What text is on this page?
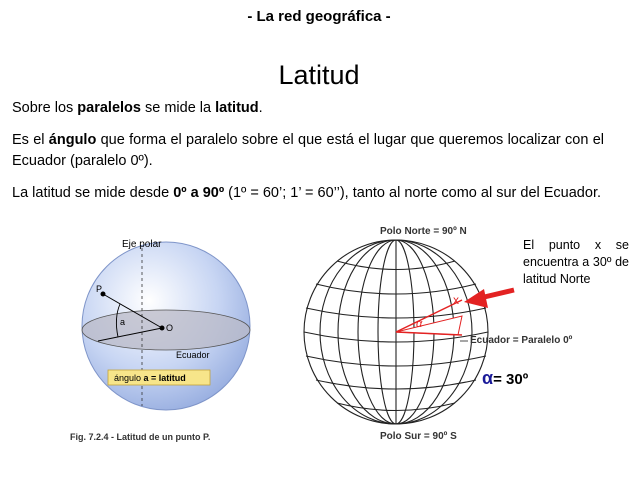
- La red geográfica -
Latitud
Sobre los paralelos se mide la latitud.
Es el ángulo que forma el paralelo sobre el que está el lugar que queremos localizar con el Ecuador (paralelo 0º).
La latitud se mide desde 0º a 90º (1º = 60’; 1’ = 60’’), tanto al norte como al sur del Ecuador.
Eje polar
P
a
O
Ecuador
ángulo a = latitud
Fig. 7.2.4 - Latitud de un punto P.
α
x
Polo Norte = 90º N
Ecuador = Paralelo 0º
Polo Sur = 90º S
El punto x se encuentra a 30º de latitud Norte
α= 30º
